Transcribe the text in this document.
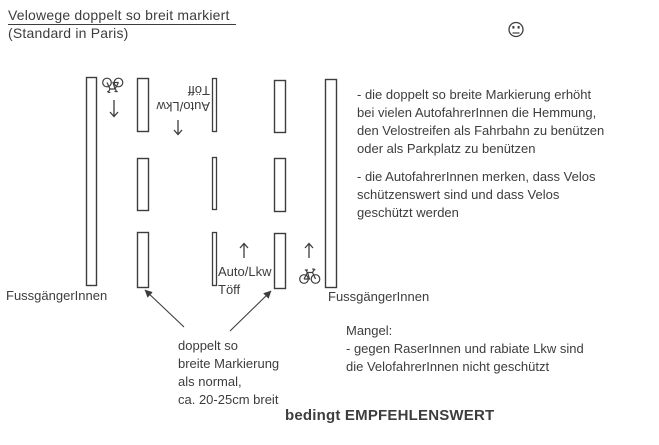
Velowege doppelt so breit markiert
(Standard in Paris)
Auto/Lkw
Töff
Auto/Lkw
Töff
FussgängerInnen	FussgängerInnen
- die doppelt so breite Markierung erhöht
bei vielen AutofahrerInnen die Hemmung,
den Velostreifen als Fahrbahn zu benützen
oder als Parkplatz zu benützen
- die AutofahrerInnen merken, dass Velos
schützenswert sind und dass Velos
geschützt werden
doppelt so
breite Markierung
als normal,
ca. 20-25cm breit
Mangel:
- gegen RaserInnen und rabiate Lkw sind
die VelofahrerInnen nicht geschützt
bedingt EMPFEHLENSWERT
